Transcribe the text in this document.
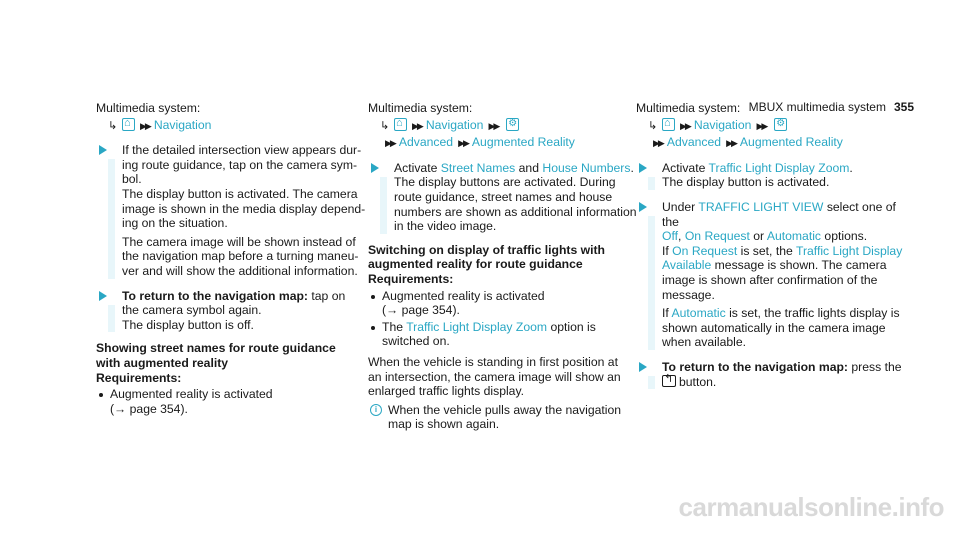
MBUX multimedia system 355
Multimedia system:
↳ ⌂	▶▶ Navigation

If the detailed intersection view appears dur-
ing route guidance, tap on the camera sym-
bol.
The display button is activated. The camera
image is shown in the media display depend-
ing on the situation.

The camera image will be shown instead of
the navigation map before a turning maneu-
ver and will show the additional information.

To return to the navigation map: tap on
the camera symbol again.
The display button is off.

Showing street names for route guidance
with augmented reality
Requirements:
Augmented reality is activated
(→ page 354).
Multimedia system:
↳ ⌂	▶▶ Navigation ▶▶⚙
▶▶ Advanced ▶▶ Augmented Reality

Activate Street Names and House Numbers.
The display buttons are activated. During
route guidance, street names and house
numbers are shown as additional information
in the video image.

Switching on display of traffic lights with
augmented reality for route guidance
Requirements:
Augmented reality is activated
(→ page 354).
The Traffic Light Display Zoom option is
switched on.
When the vehicle is standing in first position at
an intersection, the camera image will show an
enlarged traffic lights display.
i When the vehicle pulls away the navigation
map is shown again.
Multimedia system:
↳ ⌂	▶▶ Navigation ▶▶⚙
▶▶ Advanced ▶▶ Augmented Reality

Activate Traffic Light Display Zoom.
The display button is activated.

Under TRAFFIC LIGHT VIEW select one of the
Off, On Request or Automatic options.
If On Request is set, the Traffic Light Display
Available message is shown. The camera
image is shown after confirmation of the
message.

If Automatic is set, the traffic lights display is
shown automatically in the camera image
when available.

To return to the navigation map: press the
↰button.

carmanualsonline.info
